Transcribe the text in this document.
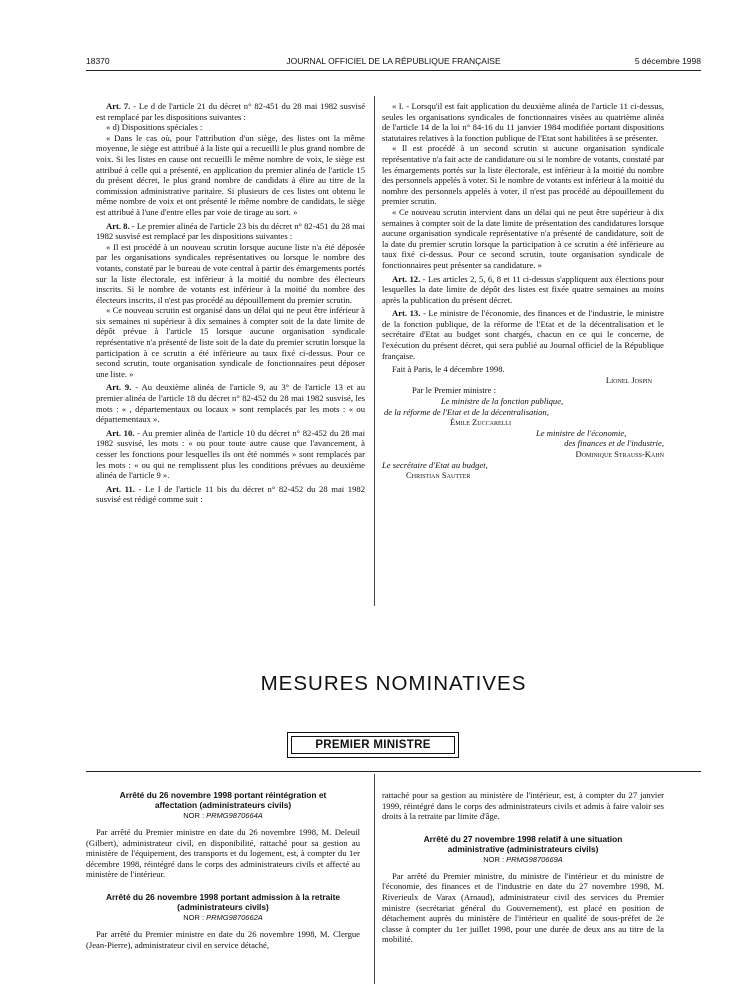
18370	JOURNAL OFFICIEL DE LA RÉPUBLIQUE FRANÇAISE	5 décembre 1998

Art. 7. - Le d de l'article 21 du décret n° 82-451 du 28 mai 1982 susvisé est remplacé par les dispositions suivantes :

« d) Dispositions spéciales :

« Dans le cas où, pour l'attribution d'un siège, des listes ont la même moyenne, le siège est attribué à la liste qui a recueilli le plus grand nombre de voix. Si les listes en cause ont recueilli le même nombre de voix, le siège est attribué à celle qui a présenté, en application du premier alinéa de l'article 15 du présent décret, le plus grand nombre de candidats à élire au titre de la commission administrative paritaire. Si plusieurs de ces listes ont obtenu le même nombre de voix et ont présenté le même nombre de candidats, le siège est attribué à l'une d'entre elles par voie de tirage au sort. »

Art. 8. - Le premier alinéa de l'article 23 bis du décret n° 82-451 du 28 mai 1982 susvisé est remplacé par les dispositions suivantes :

« Il est procédé à un nouveau scrutin lorsque aucune liste n'a été déposée par les organisations syndicales représentatives ou lorsque le nombre des votants, constaté par le bureau de vote central à partir des émargements portés sur la liste électorale, est inférieur à la moitié du nombre des électeurs inscrits. Si le nombre de votants est inférieur à la moitié du nombre des électeurs inscrits, il n'est pas procédé au dépouillement du premier scrutin.

« Ce nouveau scrutin est organisé dans un délai qui ne peut être inférieur à six semaines ni supérieur à dix semaines à compter soit de la date limite de dépôt prévue à l'article 15 lorsque aucune organisation syndicale représentative n'a présenté de liste soit de la date du premier scrutin lorsque la participation à ce scrutin a été inférieure au taux fixé ci-dessus. Pour ce second scrutin, toute organisation syndicale de fonctionnaires peut déposer une liste. »

Art. 9. - Au deuxième alinéa de l'article 9, au 3° de l'article 13 et au premier alinéa de l'article 18 du décret n° 82-452 du 28 mai 1982 susvisé, les mots : « , départementaux ou locaux » sont remplacés par les mots : « ou départementaux ».

Art. 10. - Au premier alinéa de l'article 10 du décret n° 82-452 du 28 mai 1982 susvisé, les mots : « ou pour toute autre cause que l'avancement, à cesser les fonctions pour lesquelles ils ont été nommés » sont remplacés par les mots : « ou qui ne remplissent plus les conditions prévues au deuxième alinéa de l'article 9 ».

Art. 11. - Le I de l'article 11 bis du décret n° 82-452 du 28 mai 1982 susvisé est rédigé comme suit :

« I. - Lorsqu'il est fait application du deuxième alinéa de l'article 11 ci-dessus, seules les organisations syndicales de fonctionnaires visées au quatrième alinéa de l'article 14 de la loi n° 84-16 du 11 janvier 1984 modifiée portant dispositions statutaires relatives à la fonction publique de l'Etat sont habilitées à se présenter.

« Il est procédé à un second scrutin si aucune organisation syndicale représentative n'a fait acte de candidature ou si le nombre de votants, constaté par les émargements portés sur la liste électorale, est inférieur à la moitié du nombre des personnels appelés à voter. Si le nombre de votants est inférieur à la moitié du nombre des personnels appelés à voter, il n'est pas procédé au dépouillement du premier scrutin.

« Ce nouveau scrutin intervient dans un délai qui ne peut être supérieur à dix semaines à compter soit de la date limite de présentation des candidatures lorsque aucune organisation syndicale représentative n'a présenté de candidature, soit de la date du premier scrutin lorsque la participation à ce scrutin a été inférieure au taux fixé ci-dessus. Pour ce second scrutin, toute organisation syndicale de fonctionnaires peut présenter sa candidature. »

Art. 12. - Les articles 2, 5, 6, 8 et 11 ci-dessus s'appliquent aux élections pour lesquelles la date limite de dépôt des listes est fixée quatre semaines au moins après la publication du présent décret.

Art. 13. - Le ministre de l'économie, des finances et de l'industrie, le ministre de la fonction publique, de la réforme de l'Etat et de la décentralisation et le secrétaire d'Etat au budget sont chargés, chacun en ce qui le concerne, de l'exécution du présent décret, qui sera publié au Journal officiel de la République française.

Fait à Paris, le 4 décembre 1998.

Lionel Jospin
Par le Premier ministre :
Le ministre de la fonction publique,
de la réforme de l'Etat et de la décentralisation,
Émile Zuccarelli
Le ministre de l'économie,
des finances et de l'industrie,
Dominique Strauss-Kahn
Le secrétaire d'Etat au budget,
Christian Sautter
MESURES NOMINATIVES
PREMIER MINISTRE
Arrêté du 26 novembre 1998 portant réintégration et affectation (administrateurs civils)
NOR : PRMG9870664A

Par arrêté du Premier ministre en date du 26 novembre 1998, M. Deleuil (Gilbert), administrateur civil, en disponibilité, rattaché pour sa gestion au ministère de l'équipement, des transports et du logement, est, à compter du 1er décembre 1998, réintégré dans le corps des administrateurs civils et affecté au ministère de l'intérieur.

Arrêté du 26 novembre 1998 portant admission à la retraite (administrateurs civils)
NOR : PRMG9870662A

Par arrêté du Premier ministre en date du 26 novembre 1998, M. Clergue (Jean-Pierre), administrateur civil en service détaché,

rattaché pour sa gestion au ministère de l'intérieur, est, à compter du 27 janvier 1999, réintégré dans le corps des administrateurs civils et admis à faire valoir ses droits à la retraite par limite d'âge.

Arrêté du 27 novembre 1998 relatif à une situation administrative (administrateurs civils)
NOR : PRMG9870669A

Par arrêté du Premier ministre, du ministre de l'intérieur et du ministre de l'économie, des finances et de l'industrie en date du 27 novembre 1998, M. Riverieulx de Varax (Arnaud), administrateur civil des services du Premier ministre (secrétariat général du Gouvernement), est placé en position de détachement auprès du ministère de l'intérieur en qualité de sous-préfet de 2e classe à compter du 1er juillet 1998, pour une durée de deux ans au titre de la mobilité.
